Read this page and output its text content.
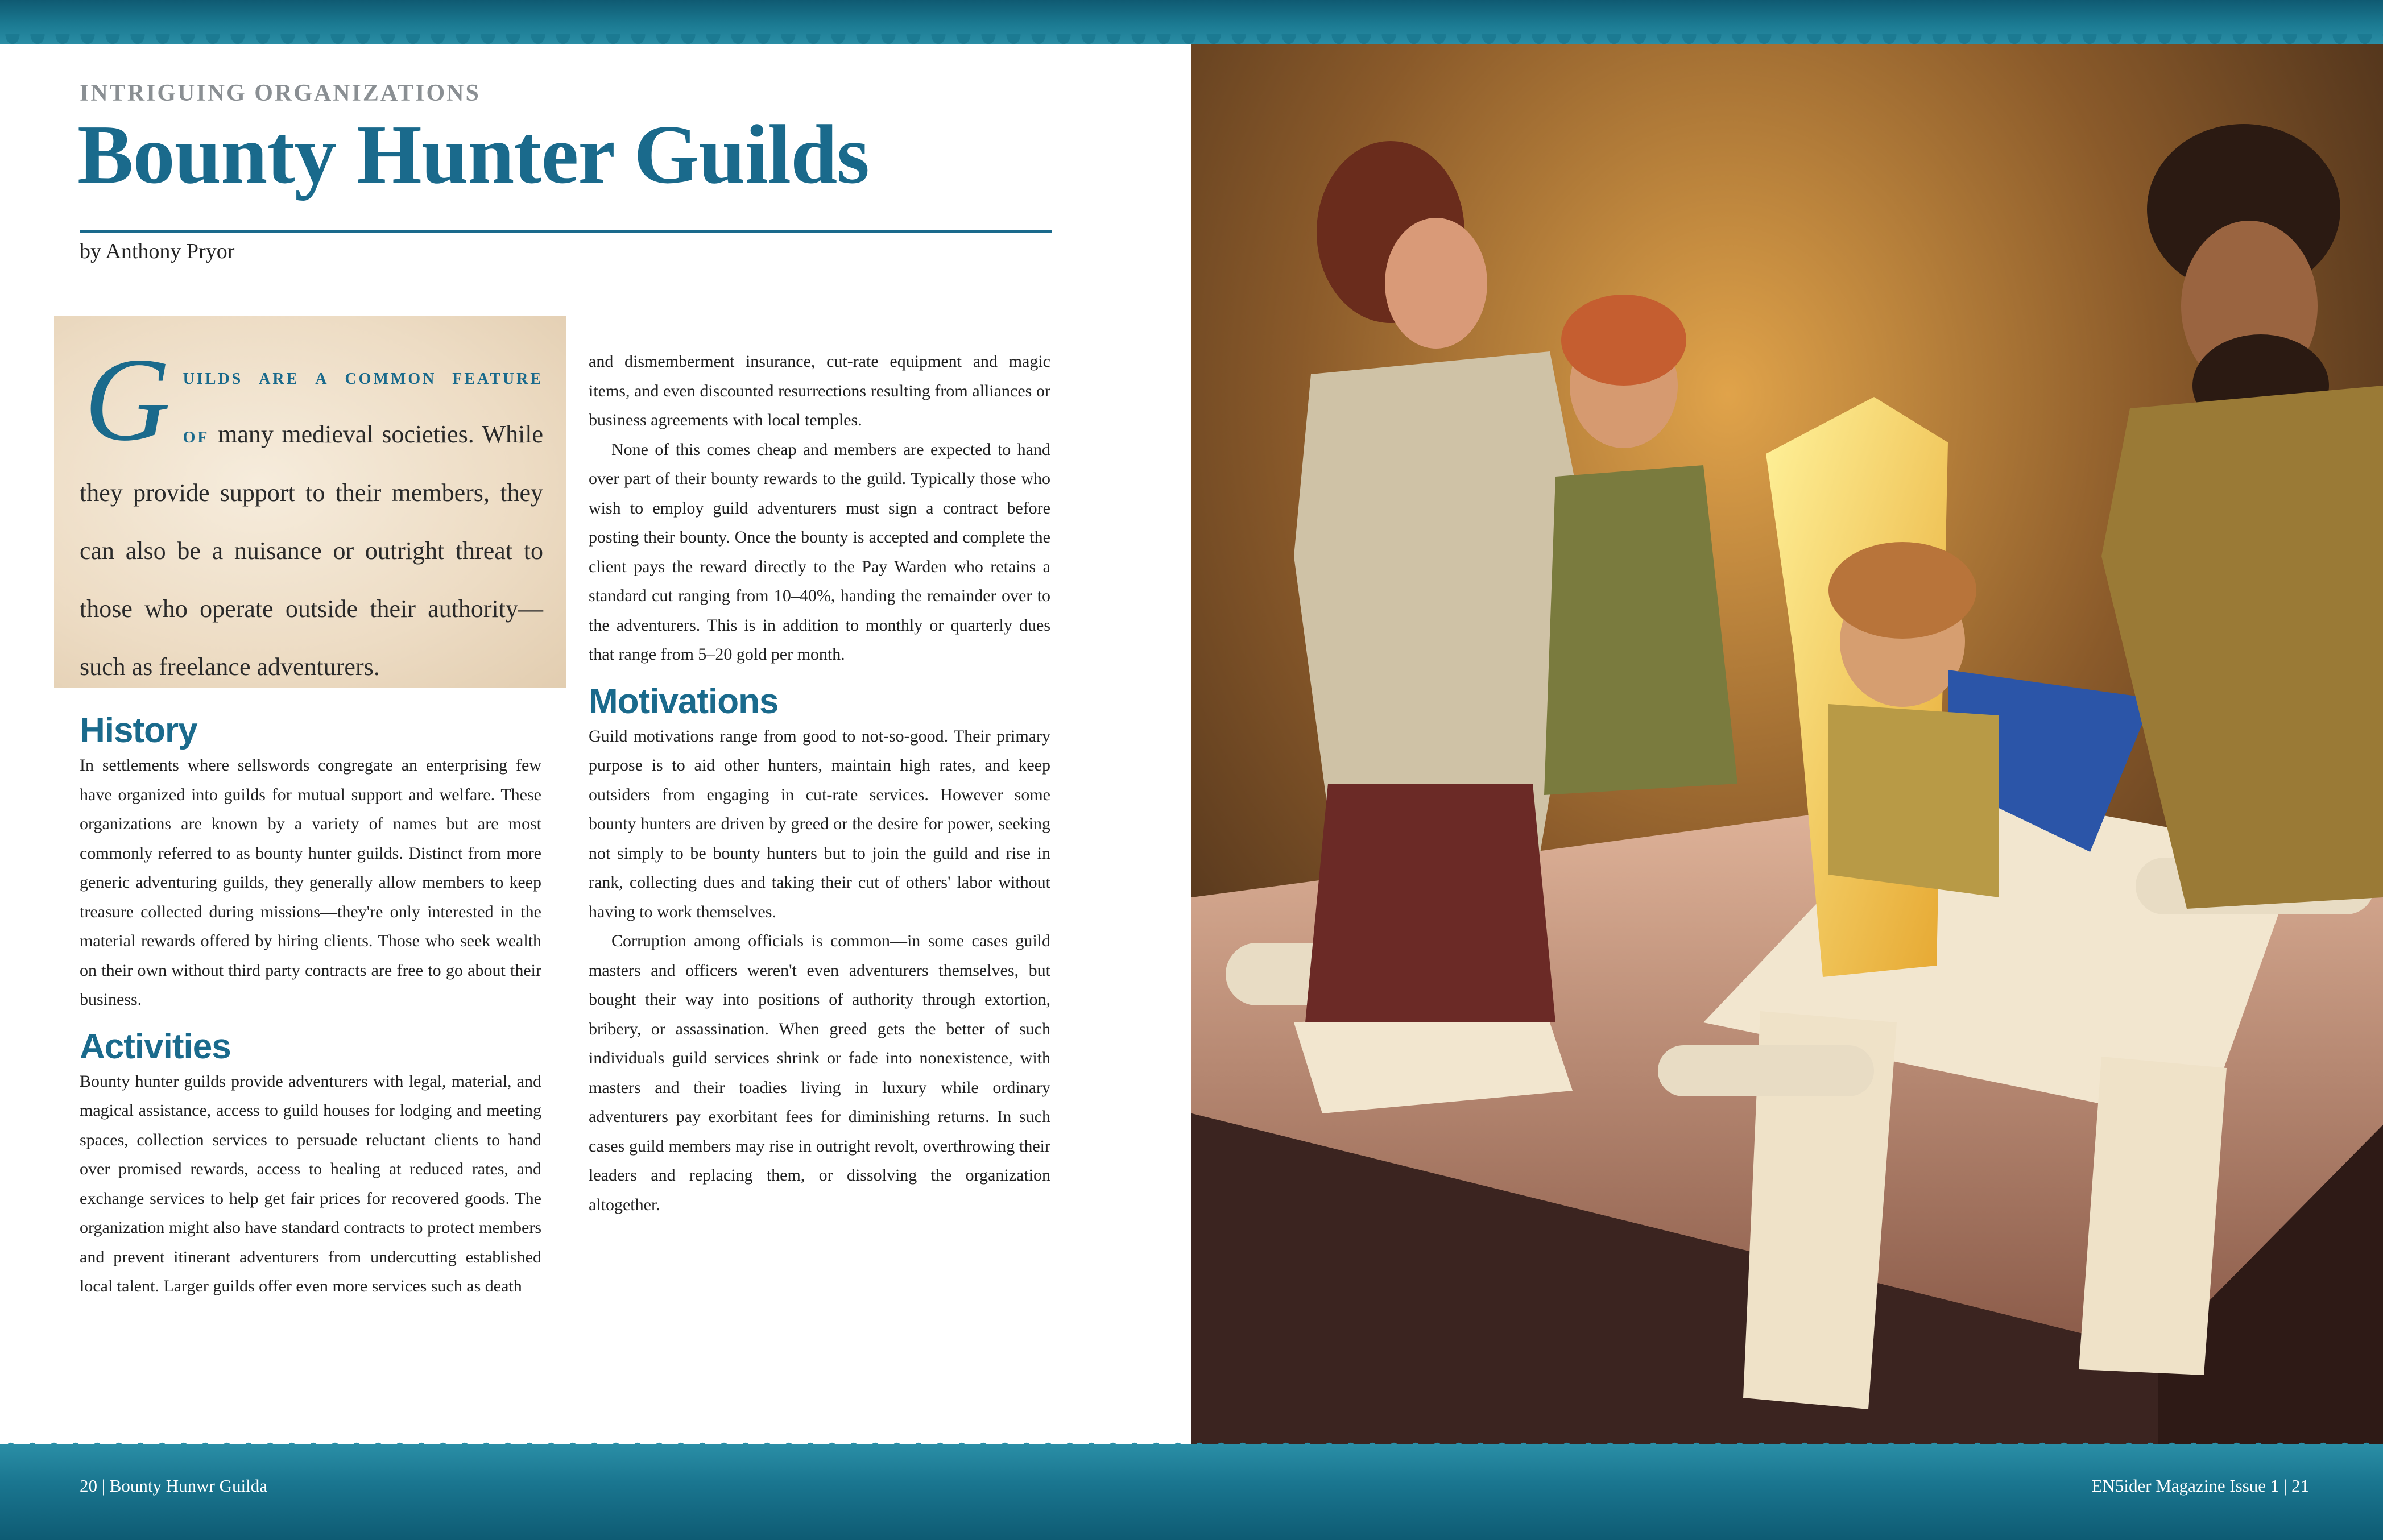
INTRIGUING ORGANIZATIONS
Bounty Hunter Guilds
by Anthony Pryor
G uilds are a common feature of many medieval societies. While they provide support to their members, they can also be a nuisance or outright threat to those who operate outside their authority—such as freelance adventurers.
History

In settlements where sellswords congregate an enterprising few have organized into guilds for mutual support and welfare. These organizations are known by a variety of names but are most commonly referred to as bounty hunter guilds. Distinct from more generic adventuring guilds, they generally allow members to keep treasure collected during missions—they're only interested in the material rewards offered by hiring clients. Those who seek wealth on their own without third party contracts are free to go about their business.

Activities

Bounty hunter guilds provide adventurers with legal, material, and magical assistance, access to guild houses for lodging and meeting spaces, collection services to persuade reluctant clients to hand over promised rewards, access to healing at reduced rates, and exchange services to help get fair prices for recovered goods. The organization might also have standard contracts to protect members and prevent itinerant adventurers from undercutting established local talent. Larger guilds offer even more services such as death

and dismemberment insurance, cut-rate equipment and magic items, and even discounted resurrections resulting from alliances or business agreements with local temples.

None of this comes cheap and members are expected to hand over part of their bounty rewards to the guild. Typically those who wish to employ guild adventurers must sign a contract before posting their bounty. Once the bounty is accepted and complete the client pays the reward directly to the Pay Warden who retains a standard cut ranging from 10–40%, handing the remainder over to the adventurers. This is in addition to monthly or quarterly dues that range from 5–20 gold per month.

Motivations

Guild motivations range from good to not-so-good. Their primary purpose is to aid other hunters, maintain high rates, and keep outsiders from engaging in cut-rate services. However some bounty hunters are driven by greed or the desire for power, seeking not simply to be bounty hunters but to join the guild and rise in rank, collecting dues and taking their cut of others' labor without having to work themselves.

Corruption among officials is common—in some cases guild masters and officers weren't even adventurers themselves, but bought their way into positions of authority through extortion, bribery, or assassination. When greed gets the better of such individuals guild services shrink or fade into nonexistence, with masters and their toadies living in luxury while ordinary adventurers pay exorbitant fees for diminishing returns. In such cases guild members may rise in outright revolt, overthrowing their leaders and replacing them, or dissolving the organization altogether.

20 | Bounty Hunwr Guilda	EN5ider Magazine Issue 1 | 21
